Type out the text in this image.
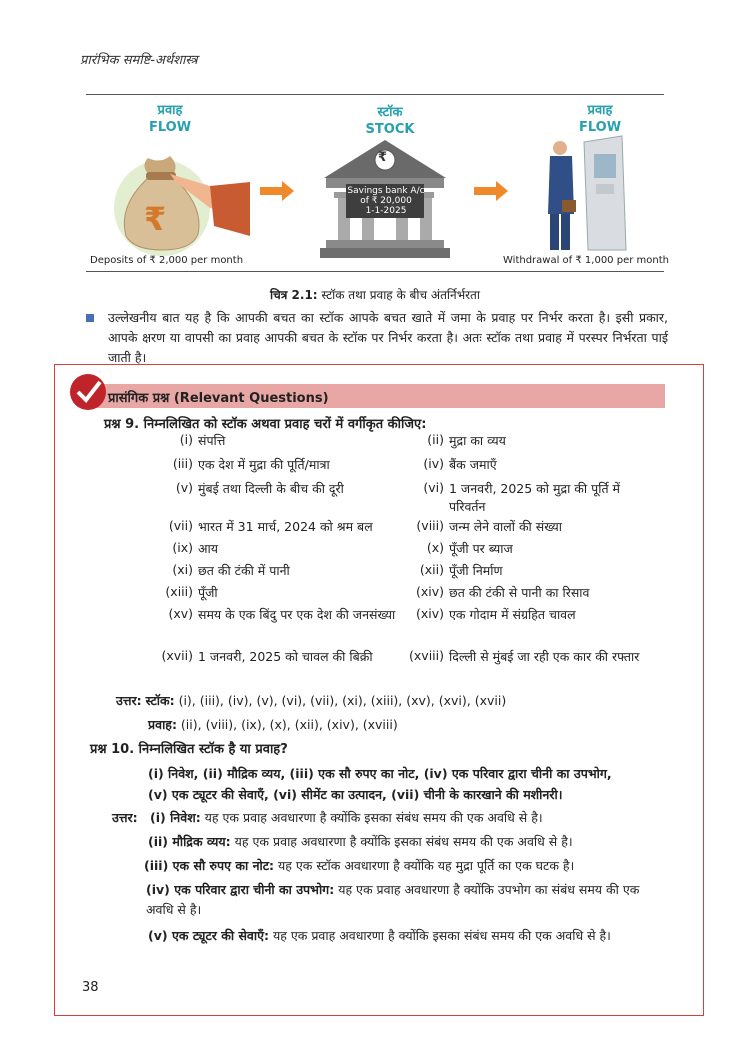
प्रारंभिक समष्टि-अर्थशास्त्र
प्रवाह
FLOW
स्टॉक
STOCK
प्रवाह
FLOW
₹
₹
Savings bank A/c
of ₹ 20,000
1-1-2025
Deposits of ₹ 2,000 per month	Withdrawal of ₹ 1,000 per month
चित्र 2.1: स्टॉक तथा प्रवाह के बीच अंतर्निर्भरता
उल्लेखनीय बात यह है कि आपकी बचत का स्टॉक आपके बचत खाते में जमा के प्रवाह पर निर्भर करता है। इसी प्रकार, आपके क्षरण या वापसी का प्रवाह आपकी बचत के स्टॉक पर निर्भर करता है। अतः स्टॉक तथा प्रवाह में परस्पर निर्भरता पाई जाती है।
प्रासंगिक प्रश्न (Relevant Questions)
प्रश्न 9. निम्नलिखित को स्टॉक अथवा प्रवाह चरों में वर्गीकृत कीजिए:
(i) संपत्ति
(iii) एक देश में मुद्रा की पूर्ति/मात्रा
(v) मुंबई तथा दिल्ली के बीच की दूरी
(vii) भारत में 31 मार्च, 2024 को श्रम बल
(ix) आय
(xi) छत की टंकी में पानी
(xiii) पूँजी
(xv) समय के एक बिंदु पर एक देश की जनसंख्या
(xvii) 1 जनवरी, 2025 को चावल की बिक्री
(ii) मुद्रा का व्यय
(iv) बैंक जमाएँ
(vi) 1 जनवरी, 2025 को मुद्रा की पूर्ति में परिवर्तन
(viii) जन्म लेने वालों की संख्या
(x) पूँजी पर ब्याज
(xii) पूँजी निर्माण
(xiv) छत की टंकी से पानी का रिसाव
(xiv) एक गोदाम में संग्रहित चावल
(xviii) दिल्ली से मुंबई जा रही एक कार की रफ्तार
उत्तर: स्टॉक: (i), (iii), (iv), (v), (vi), (vii), (xi), (xiii), (xv), (xvi), (xvii)
प्रवाह: (ii), (viii), (ix), (x), (xii), (xiv), (xviii)
प्रश्न 10. निम्नलिखित स्टॉक है या प्रवाह?
(i) निवेश, (ii) मौद्रिक व्यय, (iii) एक सौ रुपए का नोट, (iv) एक परिवार द्वारा चीनी का उपभोग,
(v) एक ट्यूटर की सेवाएँ, (vi) सीमेंट का उत्पादन, (vii) चीनी के कारखाने की मशीनरी।
उत्तर: (i) निवेश: यह एक प्रवाह अवधारणा है क्योंकि इसका संबंध समय की एक अवधि से है।
(ii) मौद्रिक व्यय: यह एक प्रवाह अवधारणा है क्योंकि इसका संबंध समय की एक अवधि से है।
(iii) एक सौ रुपए का नोट: यह एक स्टॉक अवधारणा है क्योंकि यह मुद्रा पूर्ति का एक घटक है।
(iv) एक परिवार द्वारा चीनी का उपभोग: यह एक प्रवाह अवधारणा है क्योंकि उपभोग का संबंध समय की एक अवधि से है।
(v) एक ट्यूटर की सेवाएँ: यह एक प्रवाह अवधारणा है क्योंकि इसका संबंध समय की एक अवधि से है।
38
